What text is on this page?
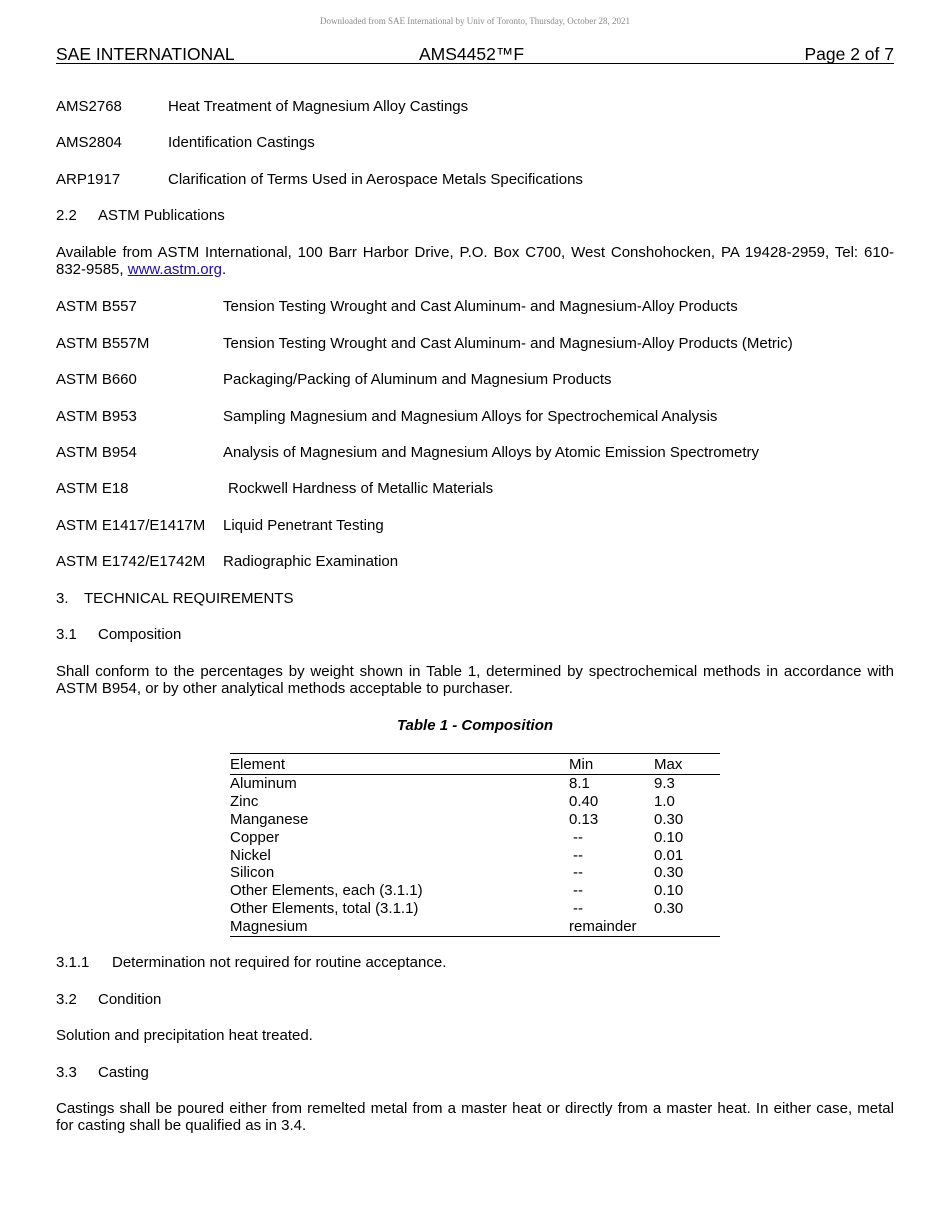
Downloaded from SAE International by Univ of Toronto, Thursday, October 28, 2021
SAE INTERNATIONAL	AMS4452™F	Page 2 of 7
AMS2768	Heat Treatment of Magnesium Alloy Castings
AMS2804	Identification Castings
ARP1917	Clarification of Terms Used in Aerospace Metals Specifications
2.2 ASTM Publications
Available from ASTM International, 100 Barr Harbor Drive, P.O. Box C700, West Conshohocken, PA 19428-2959, Tel: 610-832-9585, www.astm.org.
ASTM B557	Tension Testing Wrought and Cast Aluminum- and Magnesium-Alloy Products
ASTM B557M	Tension Testing Wrought and Cast Aluminum- and Magnesium-Alloy Products (Metric)
ASTM B660	Packaging/Packing of Aluminum and Magnesium Products
ASTM B953	Sampling Magnesium and Magnesium Alloys for Spectrochemical Analysis
ASTM B954	Analysis of Magnesium and Magnesium Alloys by Atomic Emission Spectrometry
ASTM E18	Rockwell Hardness of Metallic Materials
ASTM E1417/E1417M Liquid Penetrant Testing
ASTM E1742/E1742M Radiographic Examination
3. TECHNICAL REQUIREMENTS
3.1 Composition
Shall conform to the percentages by weight shown in Table 1, determined by spectrochemical methods in accordance with ASTM B954, or by other analytical methods acceptable to purchaser.
Table 1 - Composition
Element	Min	Max
Aluminum	8.1	9.3
Zinc	0.40	1.0
Manganese	0.13	0.30
Copper	--	0.10
Nickel	--	0.01
Silicon	--	0.30
Other Elements, each (3.1.1)	--	0.10
Other Elements, total (3.1.1)	--	0.30
Magnesium	remainder	
3.1.1 Determination not required for routine acceptance.
3.2 Condition
Solution and precipitation heat treated.
3.3 Casting
Castings shall be poured either from remelted metal from a master heat or directly from a master heat. In either case, metal for casting shall be qualified as in 3.4.
